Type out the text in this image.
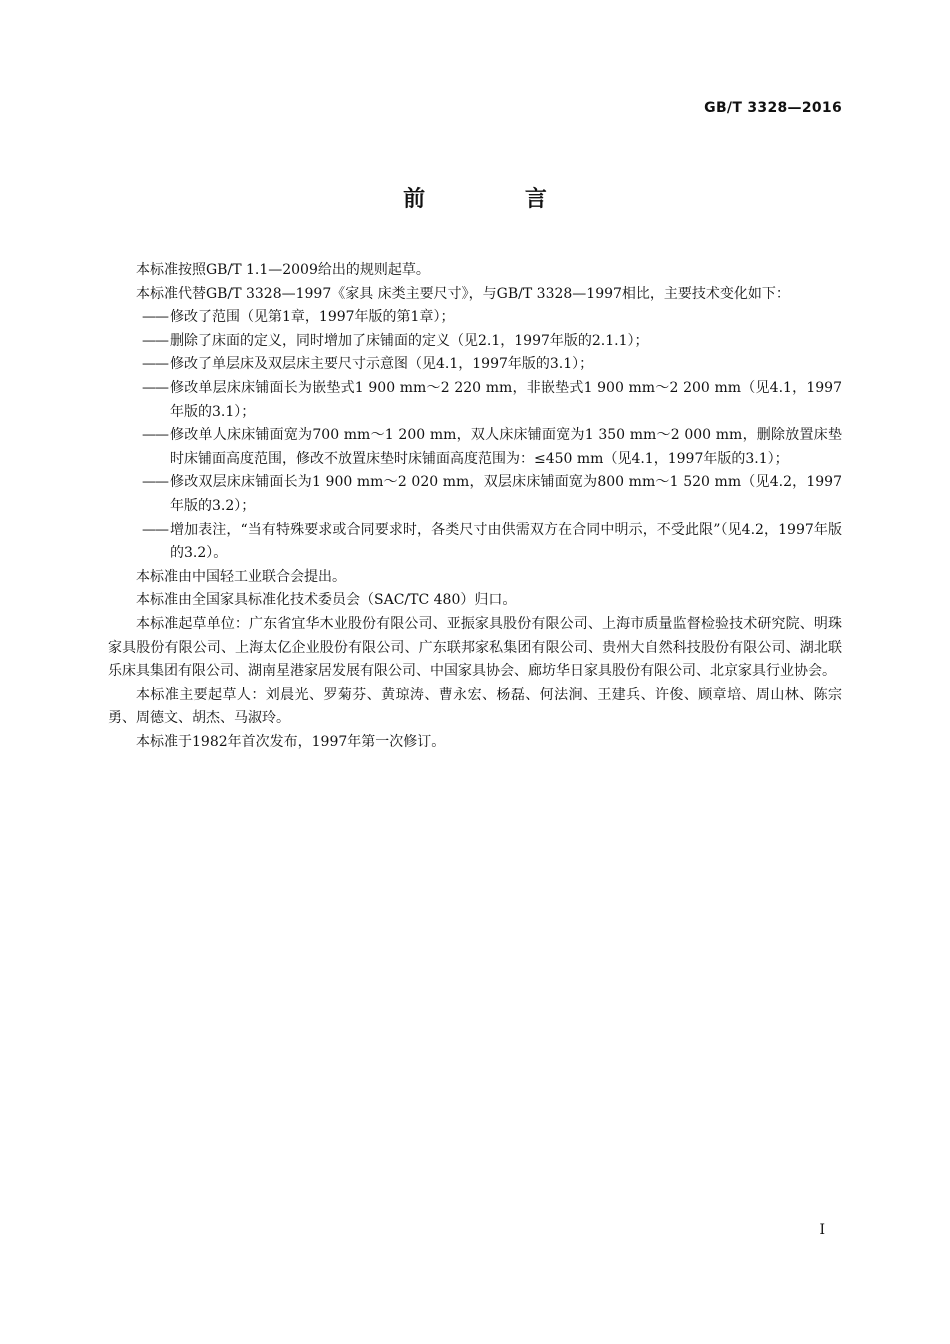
GB/T 3328—2016
前 言

本标准按照GB/T 1.1—2009给出的规则起草。

本标准代替GB/T 3328—1997《家具 床类主要尺寸》，与GB/T 3328—1997相比，主要技术变化如下：

—— 修改了范围（见第1章，1997年版的第1章）；
—— 删除了床面的定义，同时增加了床铺面的定义（见2.1，1997年版的2.1.1）；
—— 修改了单层床及双层床主要尺寸示意图（见4.1，1997年版的3.1）；
—— 修改单层床床铺面长为嵌垫式1 900 mm～2 220 mm，非嵌垫式1 900 mm～2 200 mm（见4.1，1997年版的3.1）；
—— 修改单人床床铺面宽为700 mm～1 200 mm，双人床床铺面宽为1 350 mm～2 000 mm，删除放置床垫时床铺面高度范围，修改不放置床垫时床铺面高度范围为：≤450 mm（见4.1，1997年版的3.1）；
—— 修改双层床床铺面长为1 900 mm～2 020 mm，双层床床铺面宽为800 mm～1 520 mm（见4.2，1997年版的3.2）；
—— 增加表注，“当有特殊要求或合同要求时，各类尺寸由供需双方在合同中明示，不受此限”（见4.2，1997年版的3.2）。

本标准由中国轻工业联合会提出。

本标准由全国家具标准化技术委员会（SAC/TC 480）归口。

本标准起草单位：广东省宜华木业股份有限公司、亚振家具股份有限公司、上海市质量监督检验技术研究院、明珠家具股份有限公司、上海太亿企业股份有限公司、广东联邦家私集团有限公司、贵州大自然科技股份有限公司、湖北联乐床具集团有限公司、湖南星港家居发展有限公司、中国家具协会、廊坊华日家具股份有限公司、北京家具行业协会。

本标准主要起草人：刘晨光、罗菊芬、黄琼涛、曹永宏、杨磊、何法涧、王建兵、许俊、顾章培、周山林、陈宗勇、周德文、胡杰、马淑玲。

本标准于1982年首次发布，1997年第一次修订。

I
